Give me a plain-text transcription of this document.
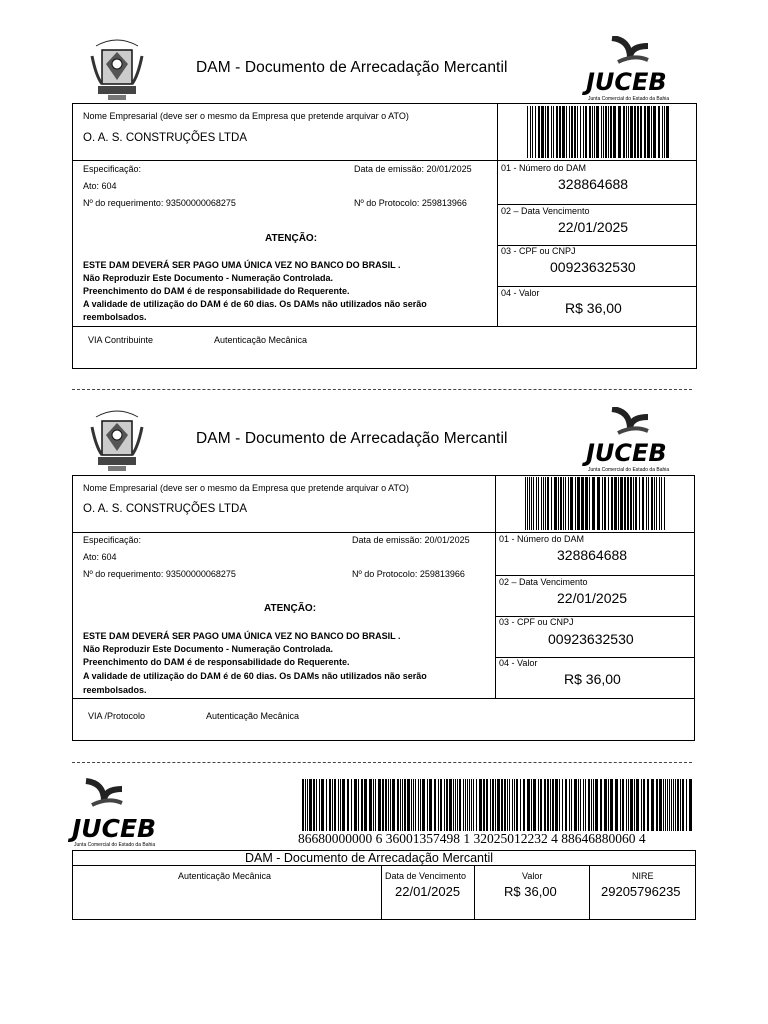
DAM - Documento de Arrecadação Mercantil
JUCEB
Junta Comercial do Estado da Bahia
Nome Empresarial (deve ser o mesmo da Empresa que pretende arquivar o ATO)
O. A. S. CONSTRUÇÕES LTDA
Especificação:	Data de emissão: 20/01/2025
Ato: 604
Nº do requerimento: 93500000068275	Nº do Protocolo: 259813966
ATENÇÃO:
ESTE DAM DEVERÁ SER PAGO UMA ÚNICA VEZ NO BANCO DO BRASIL .
Não Reproduzir Este Documento - Numeração Controlada.
Preenchimento do DAM é de responsabilidade do Requerente.
A validade de utilização do DAM é de 60 dias. Os DAMs não utilizados não serão
reembolsados.
01 - Número do DAM
328864688
02 – Data Vencimento
22/01/2025
03 - CPF ou CNPJ
00923632530
04 - Valor
R$ 36,00
VIA Contribuinte	Autenticação Mecânica
DAM - Documento de Arrecadação Mercantil
JUCEB
Junta Comercial do Estado da Bahia
Nome Empresarial (deve ser o mesmo da Empresa que pretende arquivar o ATO)
O. A. S. CONSTRUÇÕES LTDA
Especificação:	Data de emissão: 20/01/2025
Ato: 604
Nº do requerimento: 93500000068275	Nº do Protocolo: 259813966
ATENÇÃO:
ESTE DAM DEVERÁ SER PAGO UMA ÚNICA VEZ NO BANCO DO BRASIL .
Não Reproduzir Este Documento - Numeração Controlada.
Preenchimento do DAM é de responsabilidade do Requerente.
A validade de utilização do DAM é de 60 dias. Os DAMs não utilizados não serão
reembolsados.
01 - Número do DAM
328864688
02 – Data Vencimento
22/01/2025
03 - CPF ou CNPJ
00923632530
04 - Valor
R$ 36,00
VIA /Protocolo	Autenticação Mecânica
JUCEB
Junta Comercial do Estado da Bahia	86680000000 6 36001357498 1 32025012232 4 88646880060 4
DAM - Documento de Arrecadação Mercantil
Autenticação Mecânica	Data de Vencimento
22/01/2025
Valor
R$ 36,00
NIRE
29205796235
